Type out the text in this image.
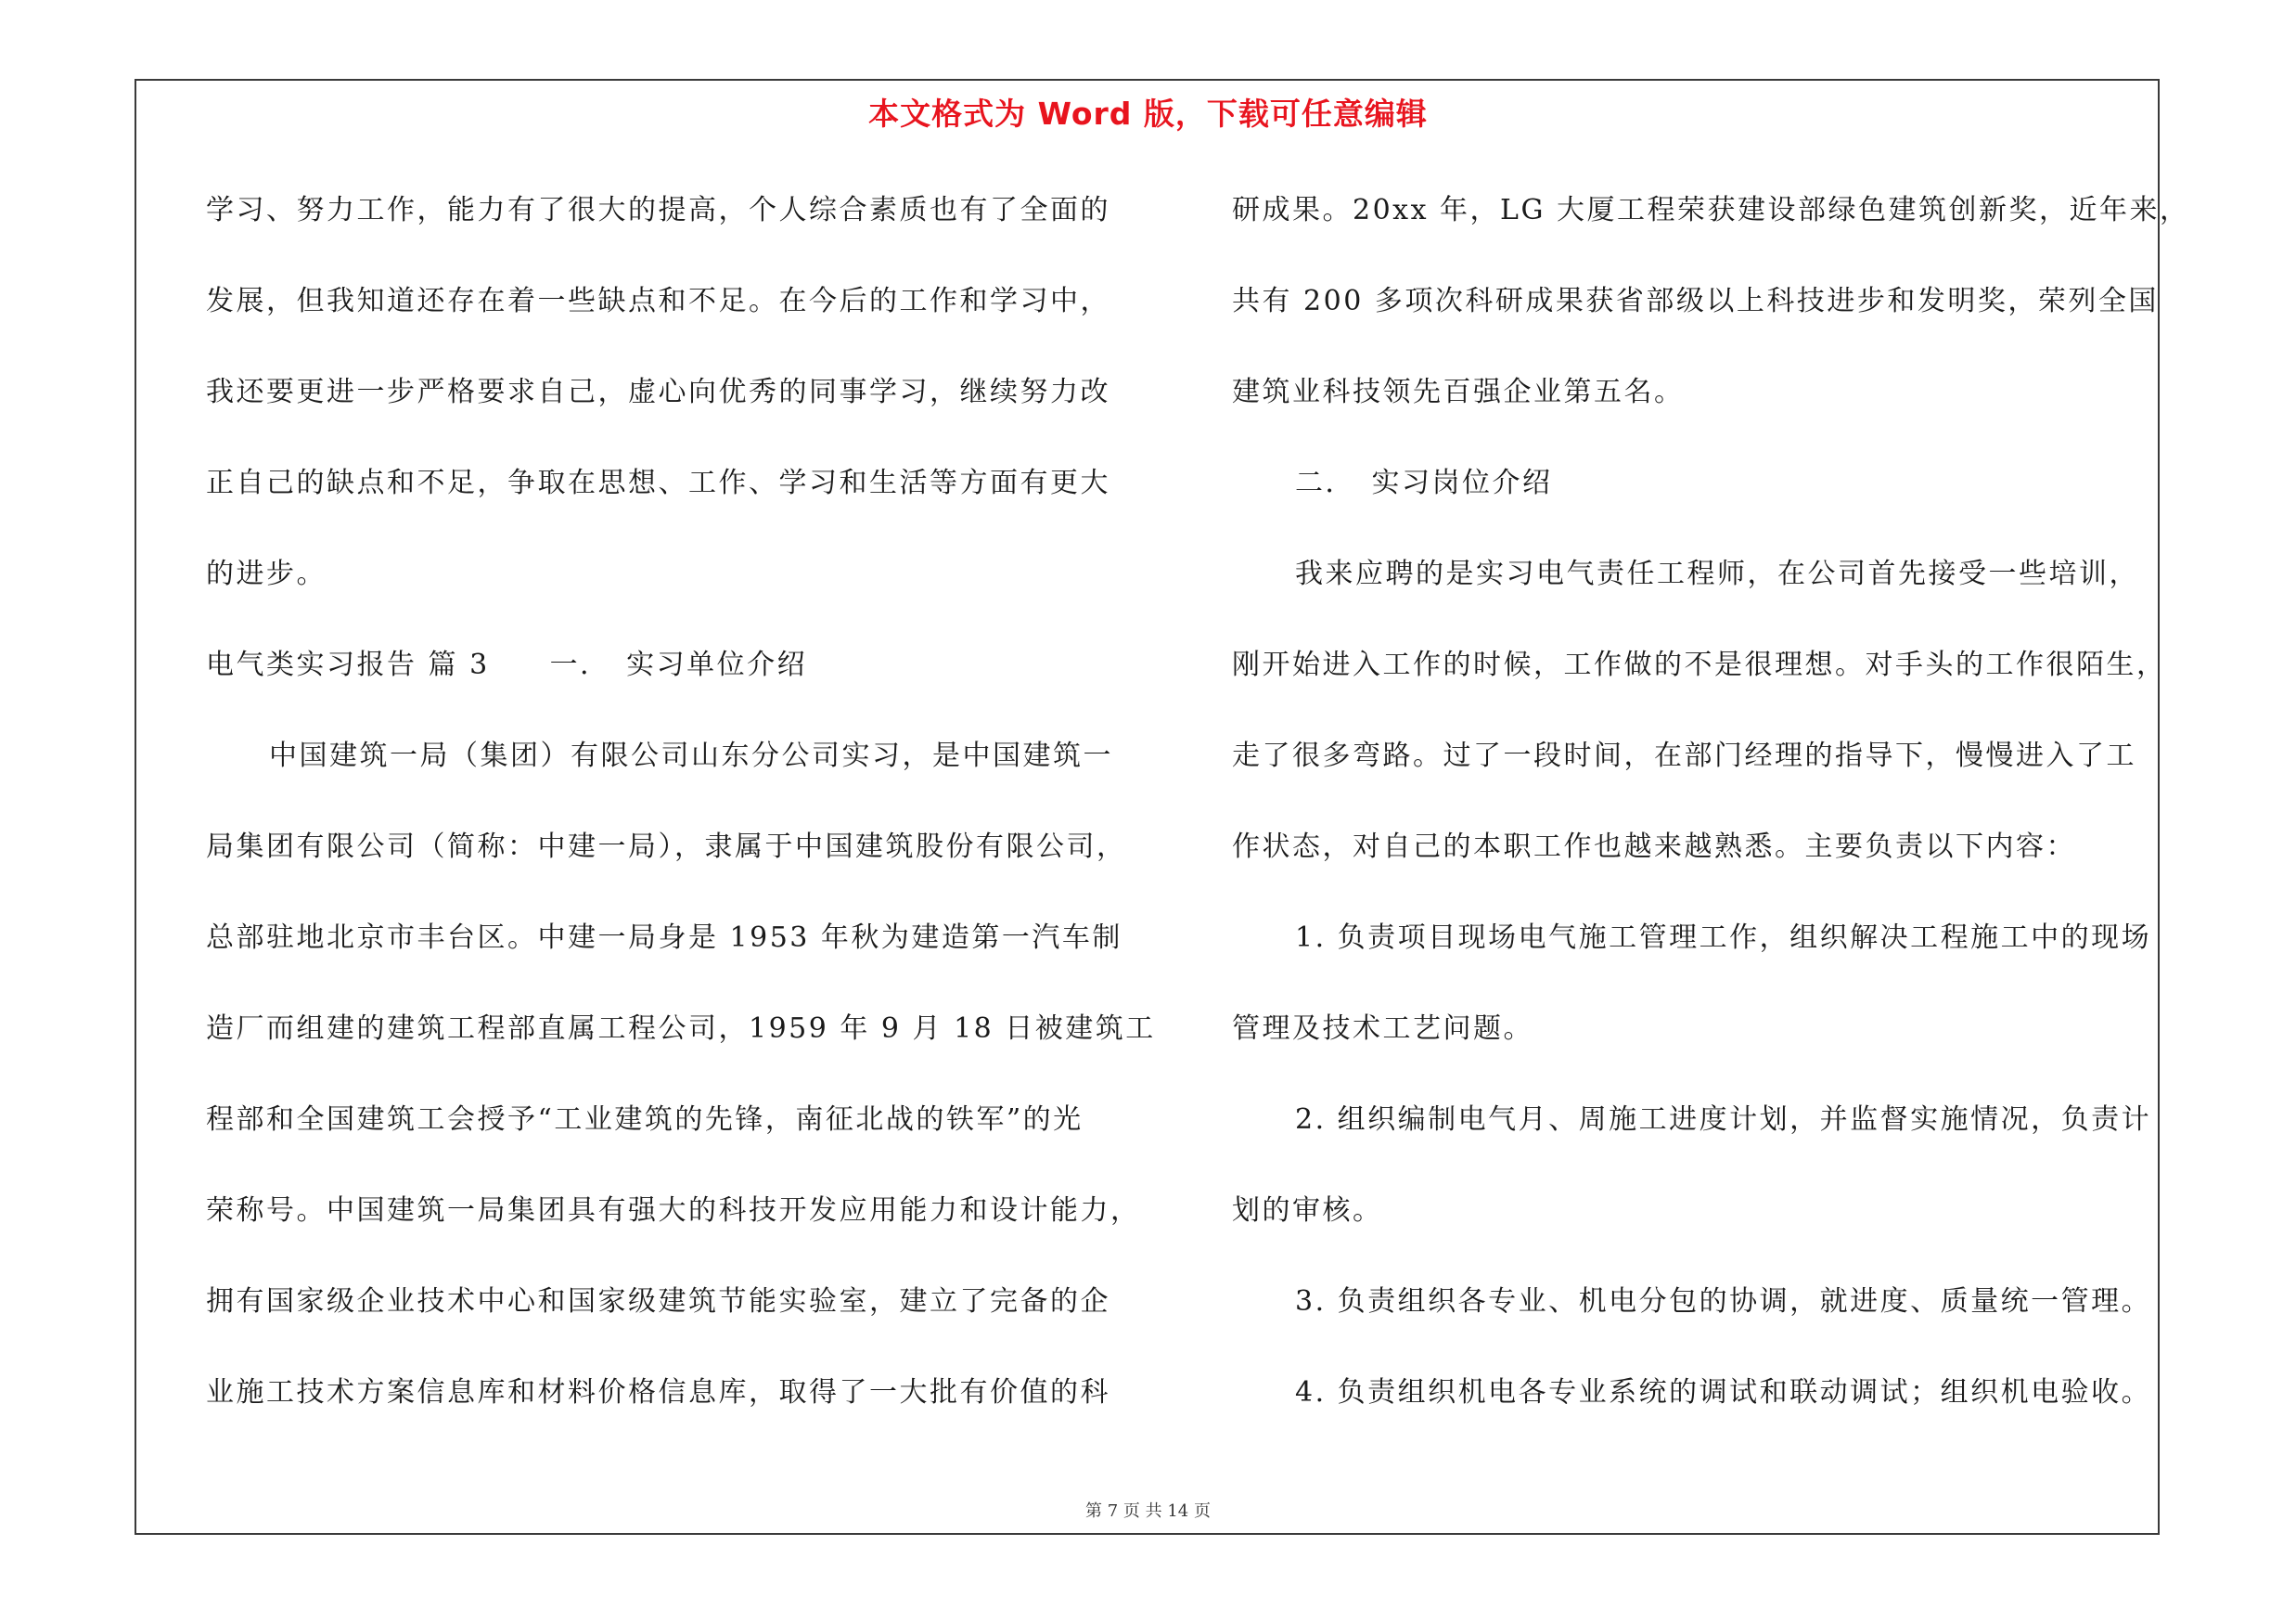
本文格式为 Word 版，下载可任意编辑
学习、努力工作，能力有了很大的提高，个人综合素质也有了全面的
发展，但我知道还存在着一些缺点和不足。在今后的工作和学习中，
我还要更进一步严格要求自己，虚心向优秀的同事学习，继续努力改
正自己的缺点和不足，争取在思想、工作、学习和生活等方面有更大
的进步。
电气类实习报告 篇 3　　一．　实习单位介绍
中国建筑一局（集团）有限公司山东分公司实习，是中国建筑一
局集团有限公司（简称：中建一局），隶属于中国建筑股份有限公司，
总部驻地北京市丰台区。中建一局身是 1953 年秋为建造第一汽车制
造厂而组建的建筑工程部直属工程公司，1959 年 9 月 18 日被建筑工
程部和全国建筑工会授予“工业建筑的先锋，南征北战的铁军”的光
荣称号。中国建筑一局集团具有强大的科技开发应用能力和设计能力，
拥有国家级企业技术中心和国家级建筑节能实验室，建立了完备的企
业施工技术方案信息库和材料价格信息库，取得了一大批有价值的科
研成果。20xx 年，LG 大厦工程荣获建设部绿色建筑创新奖，近年来，
共有 200 多项次科研成果获省部级以上科技进步和发明奖，荣列全国
建筑业科技领先百强企业第五名。
二．　实习岗位介绍
我来应聘的是实习电气责任工程师，在公司首先接受一些培训，
刚开始进入工作的时候，工作做的不是很理想。对手头的工作很陌生，
走了很多弯路。过了一段时间，在部门经理的指导下，慢慢进入了工
作状态，对自己的本职工作也越来越熟悉。主要负责以下内容：
1. 负责项目现场电气施工管理工作，组织解决工程施工中的现场
管理及技术工艺问题。
2. 组织编制电气月、周施工进度计划，并监督实施情况，负责计
划的审核。
3. 负责组织各专业、机电分包的协调，就进度、质量统一管理。
4. 负责组织机电各专业系统的调试和联动调试；组织机电验收。
第 7 页 共 14 页
